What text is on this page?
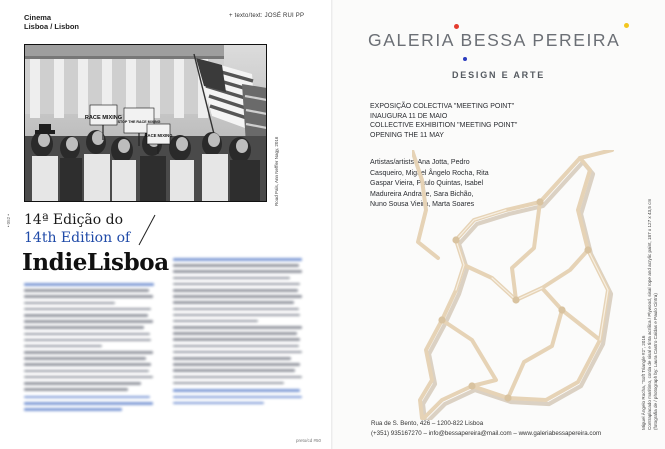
Cinema
Lisboa / Lisbon
+ texto/text: JOSÉ RUI PP
RACE MIXING
STOP THE RACE MIXING
RACE MIXING
Road Pals, Ann Neffler Nagy, 2016
• 052 • 14ª Edição do
14th Edition of
IndieLisboa
preto/cd #50
GALERIA BESSA PEREIRA
DESIGN E ARTE
EXPOSIÇÃO COLECTIVA "MEETING POINT"
INAUGURA 11 DE MAIO
COLLECTIVE EXHIBITION "MEETING POINT"
OPENING THE 11 MAY
Artistas/artists: Ana Jotta, Pedro Casqueiro, Miguel Ângelo Rocha, Rita Gaspar Vieira, Paulo Quintas, Isabel Madureira Andrade, Sara Bichão, Nuno Sousa Vieira, Marta Soares
Miguel Ângelo Rocha, "Soft Triangle #2", 2016 Contraplacado marítimo, corda de sisal e tinta acrílica / Plywood, sisal rope and acrylic paint, 187 x 127 x 43,5 cm (fotografia de / photograph by: Laura Castro Caldas e Paulo Cintra)
Rua de S. Bento, 426 – 1200-822 Lisboa
(+351) 935167270 – info@bessapereira@mail.com – www.galeriabessapereira.com
